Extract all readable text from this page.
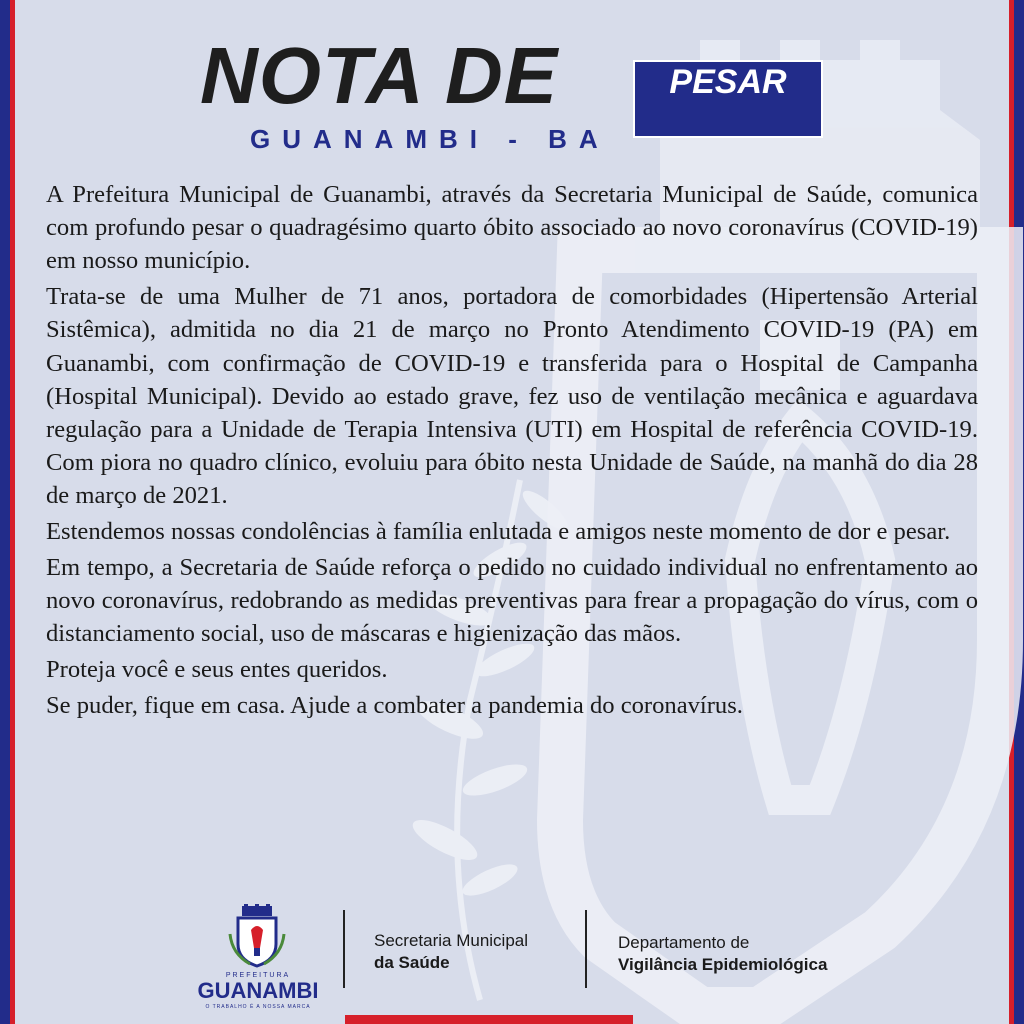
NOTA DE	PESAR
GUANAMBI - BA

A Prefeitura Municipal de Guanambi, através da Secretaria Municipal de Saúde, comunica com profundo pesar o quadragésimo quarto óbito associado ao novo coronavírus (COVID-19) em nosso município.

Trata-se de uma Mulher de 71 anos, portadora de comorbidades (Hipertensão Arterial Sistêmica), admitida no dia 21 de março no Pronto Atendimento COVID-19 (PA) em Guanambi, com confirmação de COVID-19 e transferida para o Hospital de Campanha (Hospital Municipal). Devido ao estado grave, fez uso de ventilação mecânica e aguardava regulação para a Unidade de Terapia Intensiva (UTI) em Hospital de referência COVID-19. Com piora no quadro clínico, evoluiu para óbito nesta Unidade de Saúde, na manhã do dia 28 de março de 2021.

Estendemos nossas condolências à família enlutada e amigos neste momento de dor e pesar.

Em tempo, a Secretaria de Saúde reforça o pedido no cuidado individual no enfrentamento ao novo coronavírus, redobrando as medidas preventivas para frear a propagação do vírus, com o distanciamento social, uso de máscaras e higienização das mãos.

Proteja você e seus entes queridos.

Se puder, fique em casa. Ajude a combater a pandemia do coronavírus.

PREFEITURA
GUANAMBI
O TRABALHO É A NOSSA MARCA
Secretaria Municipal
da Saúde
Departamento de
Vigilância Epidemiológica
